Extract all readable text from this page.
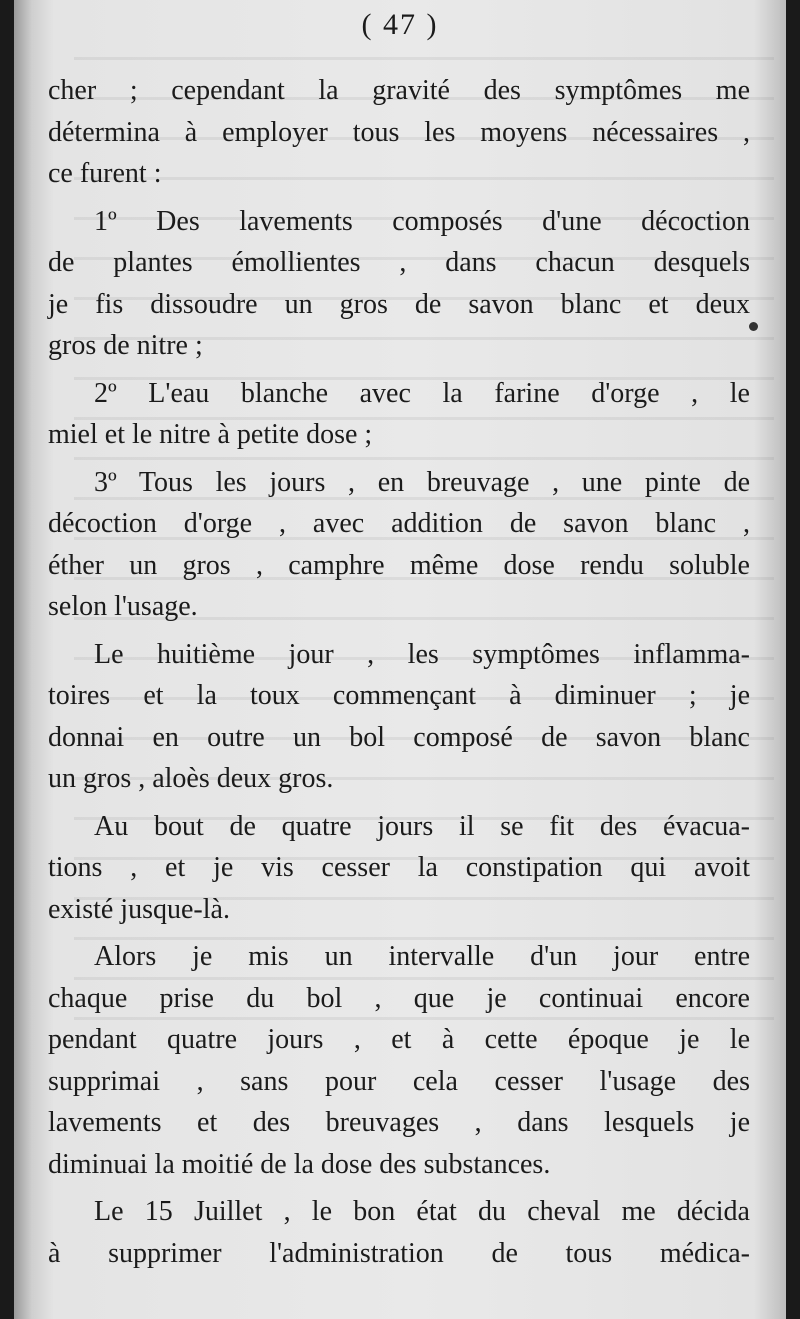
( 47 )
cher ; cependant la gravité des symptômes me
détermina à employer tous les moyens nécessaires ,
ce furent :
1º Des lavements composés d'une décoction
de plantes émollientes , dans chacun desquels
je fis dissoudre un gros de savon blanc et deux
gros de nitre ;
2º L'eau blanche avec la farine d'orge , le
miel et le nitre à petite dose ;
3º Tous les jours , en breuvage , une pinte de
décoction d'orge , avec addition de savon blanc ,
éther un gros , camphre même dose rendu soluble
selon l'usage.
Le huitième jour , les symptômes inflamma-
toires et la toux commençant à diminuer ; je
donnai en outre un bol composé de savon blanc
un gros , aloès deux gros.
Au bout de quatre jours il se fit des évacua-
tions , et je vis cesser la constipation qui avoit
existé jusque-là.
Alors je mis un intervalle d'un jour entre
chaque prise du bol , que je continuai encore
pendant quatre jours , et à cette époque je le
supprimai , sans pour cela cesser l'usage des
lavements et des breuvages , dans lesquels je
diminuai la moitié de la dose des substances.
Le 15 Juillet , le bon état du cheval me décida
à supprimer l'administration de tous médica-
